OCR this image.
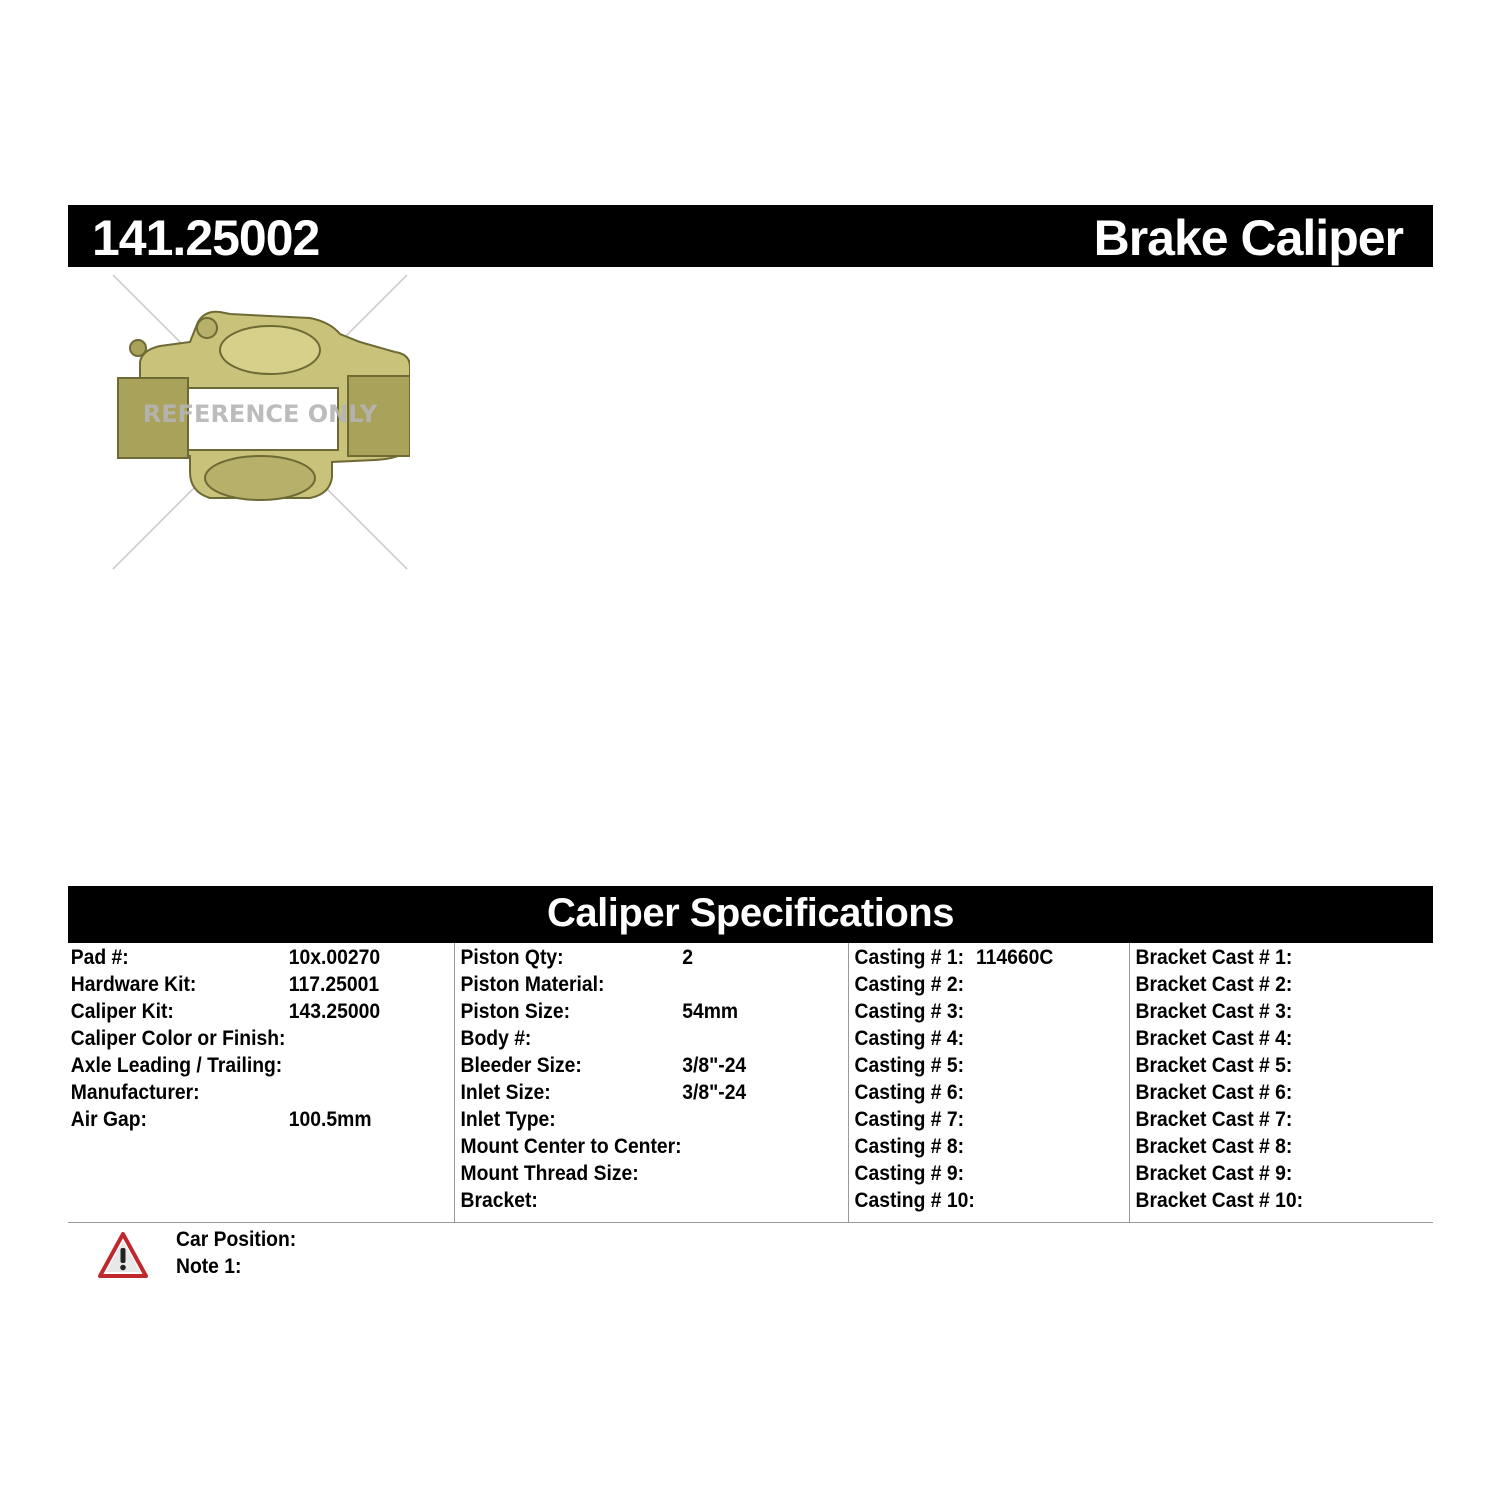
141.25002	Brake Caliper
REFERENCE ONLY
Caliper Specifications
Pad #:	10x.00270
Hardware Kit:	117.25001
Caliper Kit:	143.25000
Caliper Color or Finish:
Axle Leading / Trailing:
Manufacturer:
Air Gap:	100.5mm
Piston Qty:	2
Piston Material:
Piston Size:	54mm
Body #:
Bleeder Size:	3/8"-24
Inlet Size:	3/8"-24
Inlet Type:
Mount Center to Center:
Mount Thread Size:
Bracket:
Casting # 1: 114660C
Casting # 2:
Casting # 3:
Casting # 4:
Casting # 5:
Casting # 6:
Casting # 7:
Casting # 8:
Casting # 9:
Casting # 10:
Bracket Cast # 1:
Bracket Cast # 2:
Bracket Cast # 3:
Bracket Cast # 4:
Bracket Cast # 5:
Bracket Cast # 6:
Bracket Cast # 7:
Bracket Cast # 8:
Bracket Cast # 9:
Bracket Cast # 10:
Car Position:
Note 1:
